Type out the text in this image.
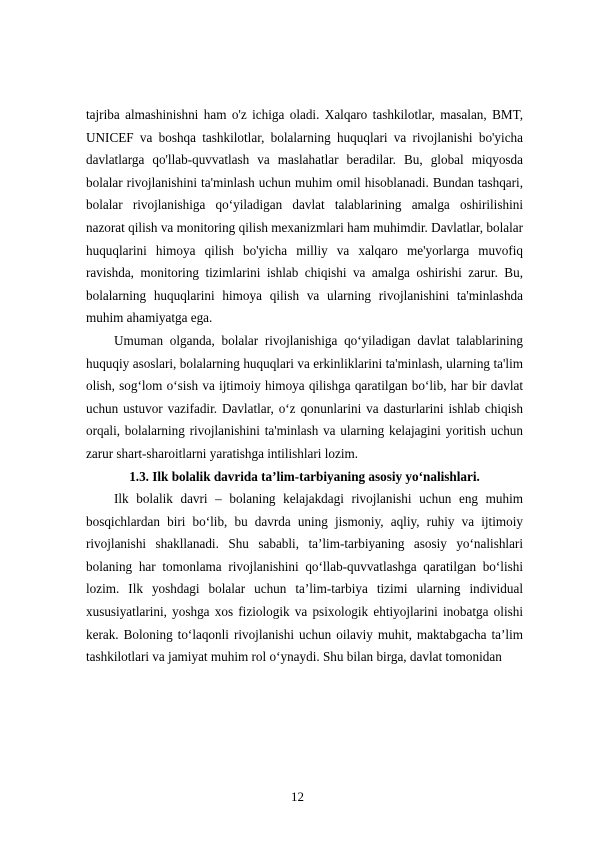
tajriba almashinishni ham o'z ichiga oladi. Xalqaro tashkilotlar, masalan, BMT, UNICEF va boshqa tashkilotlar, bolalarning huquqlari va rivojlanishi bo'yicha davlatlarga qo'llab-quvvatlash va maslahatlar beradilar. Bu, global miqyosda bolalar rivojlanishini ta'minlash uchun muhim omil hisoblanadi. Bundan tashqari, bolalar rivojlanishiga qo‘yiladigan davlat talablarining amalga oshirilishini nazorat qilish va monitoring qilish mexanizmlari ham muhimdir. Davlatlar, bolalar huquqlarini himoya qilish bo'yicha milliy va xalqaro me'yorlarga muvofiq ravishda, monitoring tizimlarini ishlab chiqishi va amalga oshirishi zarur. Bu, bolalarning huquqlarini himoya qilish va ularning rivojlanishini ta'minlashda muhim ahamiyatga ega.

Umuman olganda, bolalar rivojlanishiga qo‘yiladigan davlat talablarining huquqiy asoslari, bolalarning huquqlari va erkinliklarini ta'minlash, ularning ta'lim olish, sog‘lom o‘sish va ijtimoiy himoya qilishga qaratilgan bo‘lib, har bir davlat uchun ustuvor vazifadir. Davlatlar, o‘z qonunlarini va dasturlarini ishlab chiqish orqali, bolalarning rivojlanishini ta'minlash va ularning kelajagini yoritish uchun zarur shart-sharoitlarni yaratishga intilishlari lozim.

1.3. Ilk bolalik davrida ta’lim-tarbiyaning asosiy yo‘nalishlari.

Ilk bolalik davri – bolaning kelajakdagi rivojlanishi uchun eng muhim bosqichlardan biri bo‘lib, bu davrda uning jismoniy, aqliy, ruhiy va ijtimoiy rivojlanishi shakllanadi. Shu sababli, ta’lim-tarbiyaning asosiy yo‘nalishlari bolaning har tomonlama rivojlanishini qo‘llab-quvvatlashga qaratilgan bo‘lishi lozim. Ilk yoshdagi bolalar uchun ta’lim-tarbiya tizimi ularning individual xususiyatlarini, yoshga xos fiziologik va psixologik ehtiyojlarini inobatga olishi kerak. Boloning to‘laqonli rivojlanishi uchun oilaviy muhit, maktabgacha ta’lim tashkilotlari va jamiyat muhim rol o‘ynaydi. Shu bilan birga, davlat tomonidan

12
